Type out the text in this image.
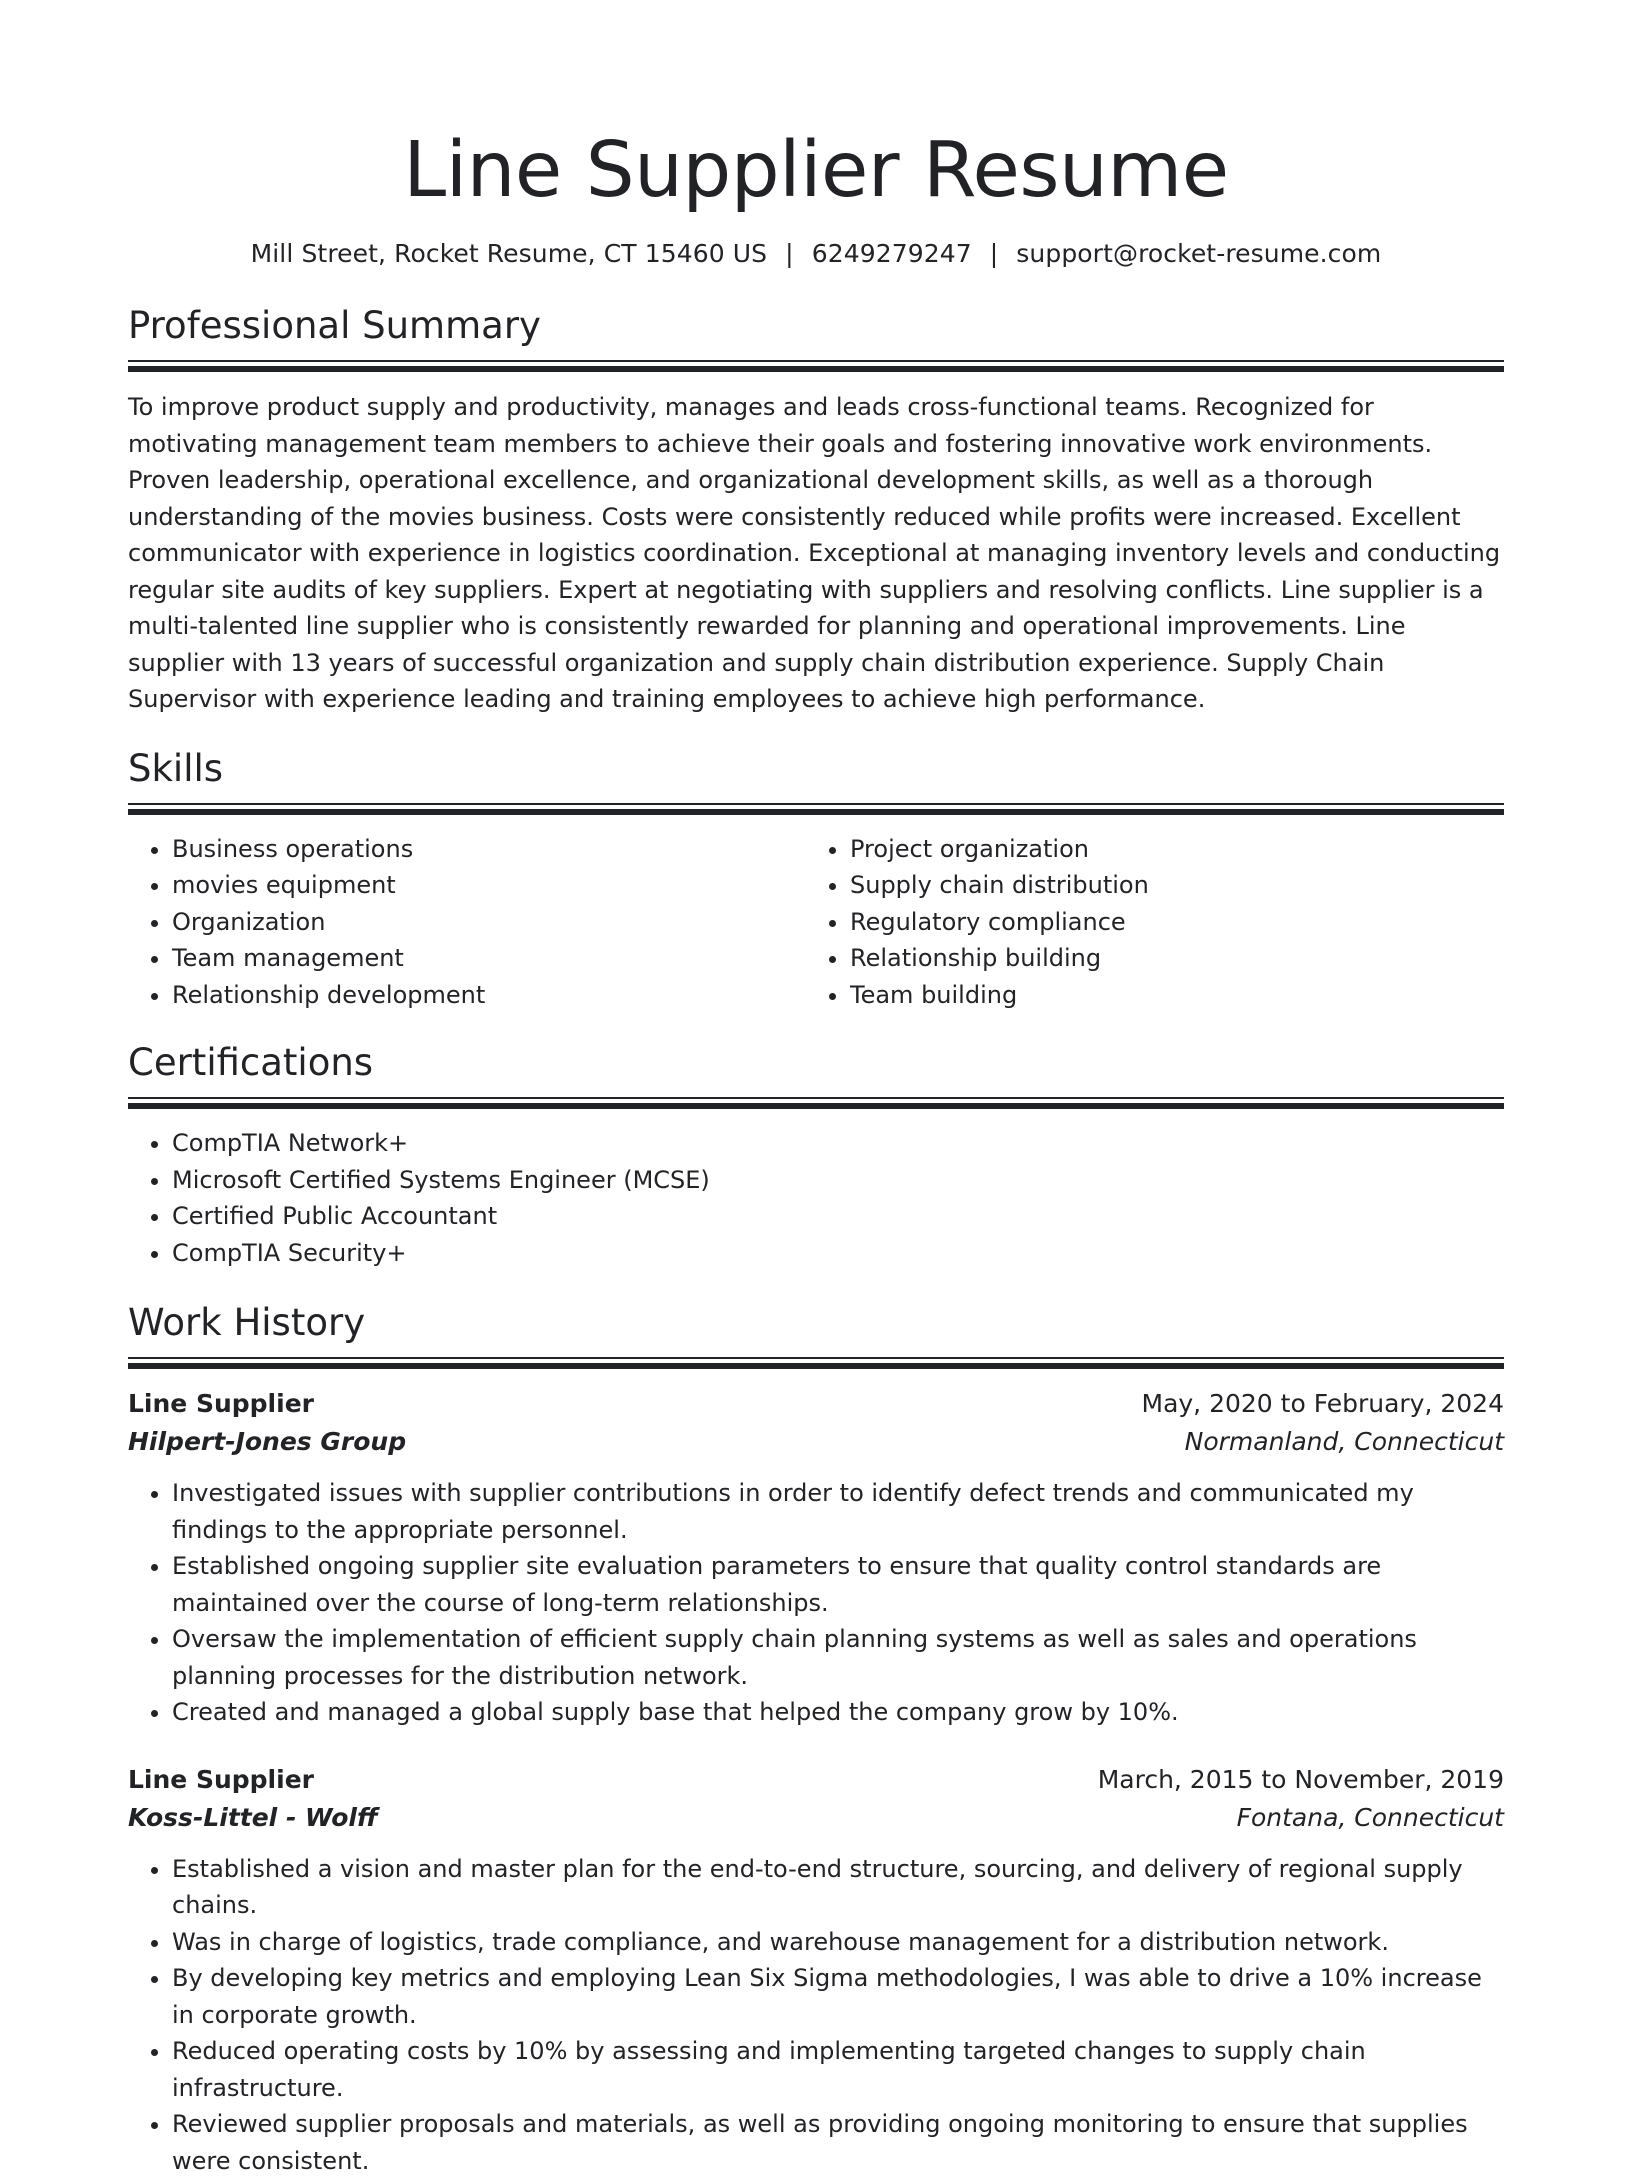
Line Supplier Resume
Mill Street, Rocket Resume, CT 15460 US | 6249279247 | support@rocket-resume.com
Professional Summary

To improve product supply and productivity, manages and leads cross-functional teams. Recognized for motivating management team members to achieve their goals and fostering innovative work environments. Proven leadership, operational excellence, and organizational development skills, as well as a thorough understanding of the movies business. Costs were consistently reduced while profits were increased. Excellent communicator with experience in logistics coordination. Exceptional at managing inventory levels and conducting regular site audits of key suppliers. Expert at negotiating with suppliers and resolving conflicts. Line supplier is a multi-talented line supplier who is consistently rewarded for planning and operational improvements. Line supplier with 13 years of successful organization and supply chain distribution experience. Supply Chain Supervisor with experience leading and training employees to achieve high performance.

Skills
• Business operations
• movies equipment
• Organization
• Team management
• Relationship development
• Project organization
• Supply chain distribution
• Regulatory compliance
• Relationship building
• Team building
Certifications
• CompTIA Network+
• Microsoft Certified Systems Engineer (MCSE)
• Certified Public Accountant
• CompTIA Security+
Work History
Line Supplier	May, 2020 to February, 2024
Hilpert-Jones Group	Normanland, Connecticut
• Investigated issues with supplier contributions in order to identify defect trends and communicated my findings to the appropriate personnel.
• Established ongoing supplier site evaluation parameters to ensure that quality control standards are maintained over the course of long-term relationships.
• Oversaw the implementation of efficient supply chain planning systems as well as sales and operations planning processes for the distribution network.
• Created and managed a global supply base that helped the company grow by 10%.
Line Supplier	March, 2015 to November, 2019
Koss-Littel - Wolff	Fontana, Connecticut
• Established a vision and master plan for the end-to-end structure, sourcing, and delivery of regional supply chains.
• Was in charge of logistics, trade compliance, and warehouse management for a distribution network.
• By developing key metrics and employing Lean Six Sigma methodologies, I was able to drive a 10% increase in corporate growth.
• Reduced operating costs by 10% by assessing and implementing targeted changes to supply chain infrastructure.
• Reviewed supplier proposals and materials, as well as providing ongoing monitoring to ensure that supplies were consistent.
